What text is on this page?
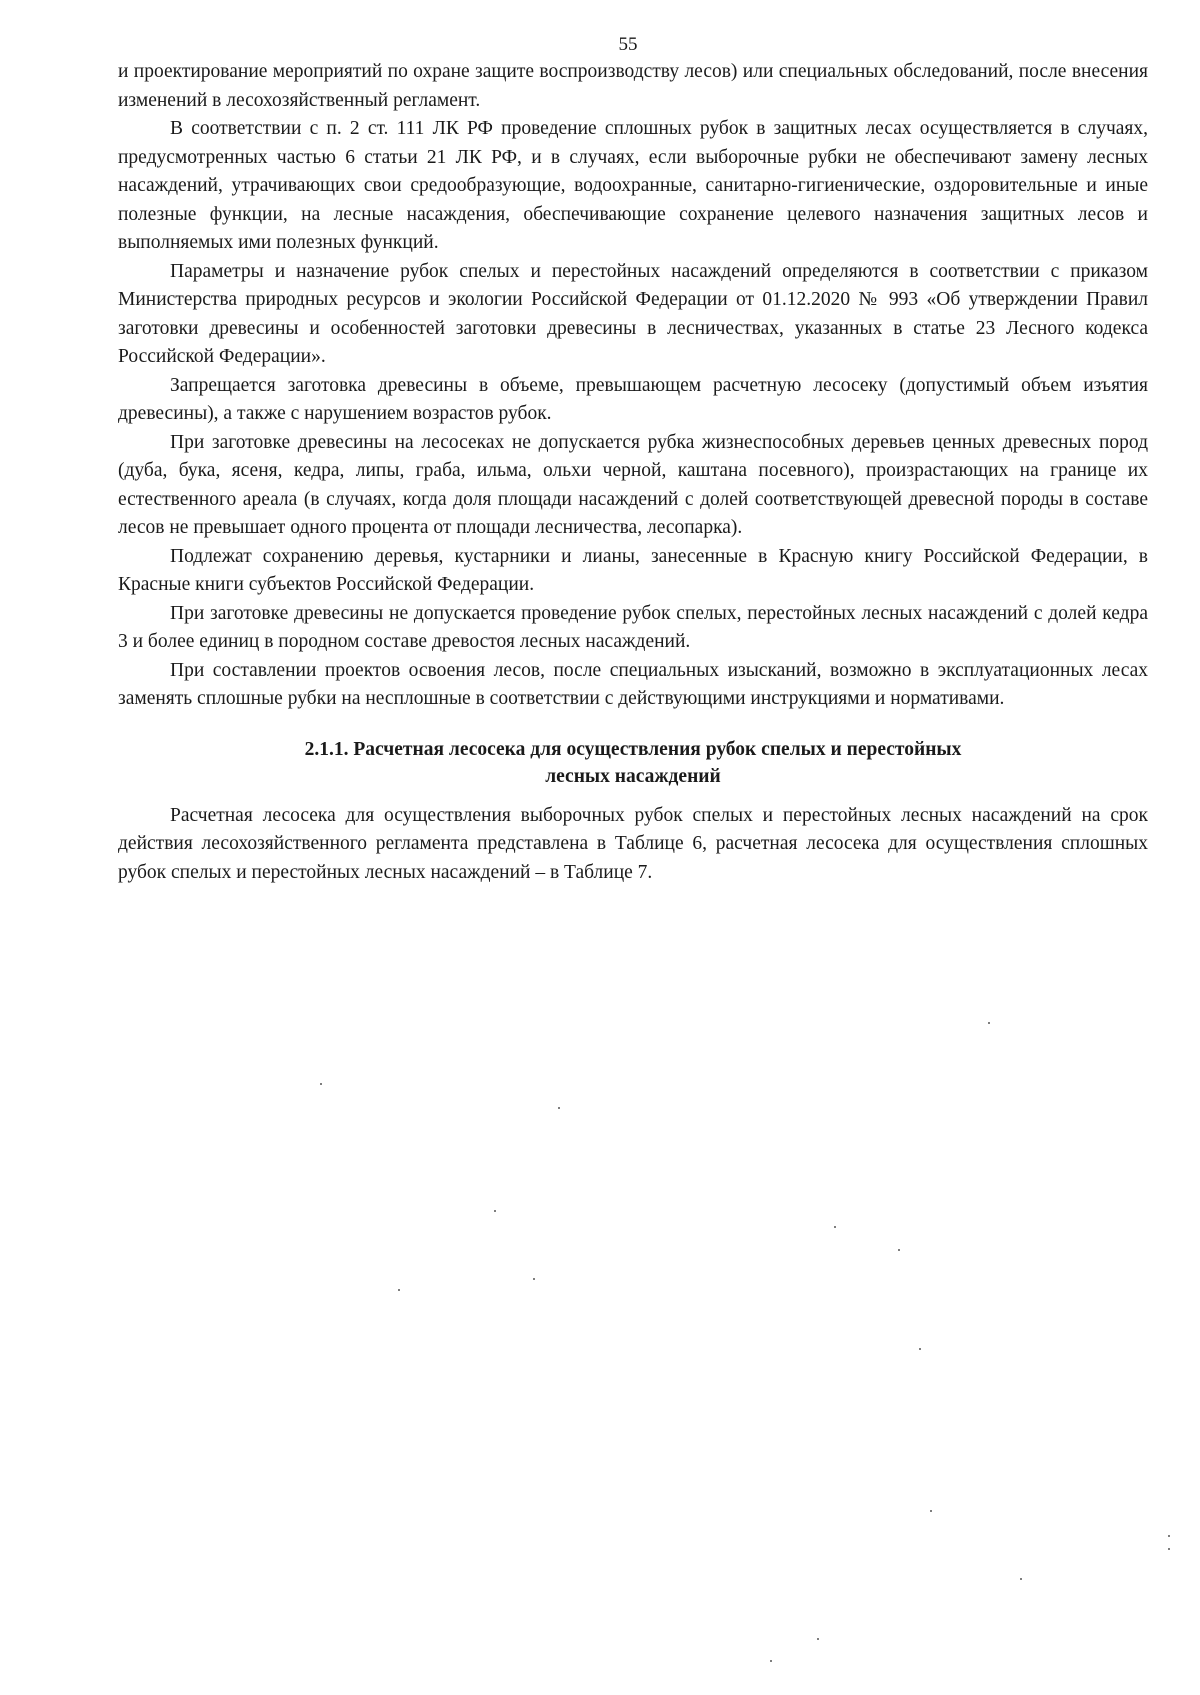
55

и проектирование мероприятий по охране защите воспроизводству лесов) или специальных обследований, после внесения изменений в лесохозяйственный регламент.

В соответствии с п. 2 ст. 111 ЛК РФ проведение сплошных рубок в защитных лесах осуществляется в случаях, предусмотренных частью 6 статьи 21 ЛК РФ, и в случаях, если выборочные рубки не обеспечивают замену лесных насаждений, утрачивающих свои средообразующие, водоохранные, санитарно-гигиенические, оздоровительные и иные полезные функции, на лесные насаждения, обеспечивающие сохранение целевого назначения защитных лесов и выполняемых ими полезных функций.

Параметры и назначение рубок спелых и перестойных насаждений определяются в соответствии с приказом Министерства природных ресурсов и экологии Российской Федерации от 01.12.2020 № 993 «Об утверждении Правил заготовки древесины и особенностей заготовки древесины в лесничествах, указанных в статье 23 Лесного кодекса Российской Федерации».

Запрещается заготовка древесины в объеме, превышающем расчетную лесосеку (допустимый объем изъятия древесины), а также с нарушением возрастов рубок.

При заготовке древесины на лесосеках не допускается рубка жизнеспособных деревьев ценных древесных пород (дуба, бука, ясеня, кедра, липы, граба, ильма, ольхи черной, каштана посевного), произрастающих на границе их естественного ареала (в случаях, когда доля площади насаждений с долей соответствующей древесной породы в составе лесов не превышает одного процента от площади лесничества, лесопарка).

Подлежат сохранению деревья, кустарники и лианы, занесенные в Красную книгу Российской Федерации, в Красные книги субъектов Российской Федерации.

При заготовке древесины не допускается проведение рубок спелых, перестойных лесных насаждений с долей кедра 3 и более единиц в породном составе древостоя лесных насаждений.

При составлении проектов освоения лесов, после специальных изысканий, возможно в эксплуатационных лесах заменять сплошные рубки на несплошные в соответствии с действующими инструкциями и нормативами.

2.1.1. Расчетная лесосека для осуществления рубок спелых и перестойных
лесных насаждений

Расчетная лесосека для осуществления выборочных рубок спелых и перестойных лесных насаждений на срок действия лесохозяйственного регламента представлена в Таблице 6, расчетная лесосека для осуществления сплошных рубок спелых и перестойных лесных насаждений – в Таблице 7.
